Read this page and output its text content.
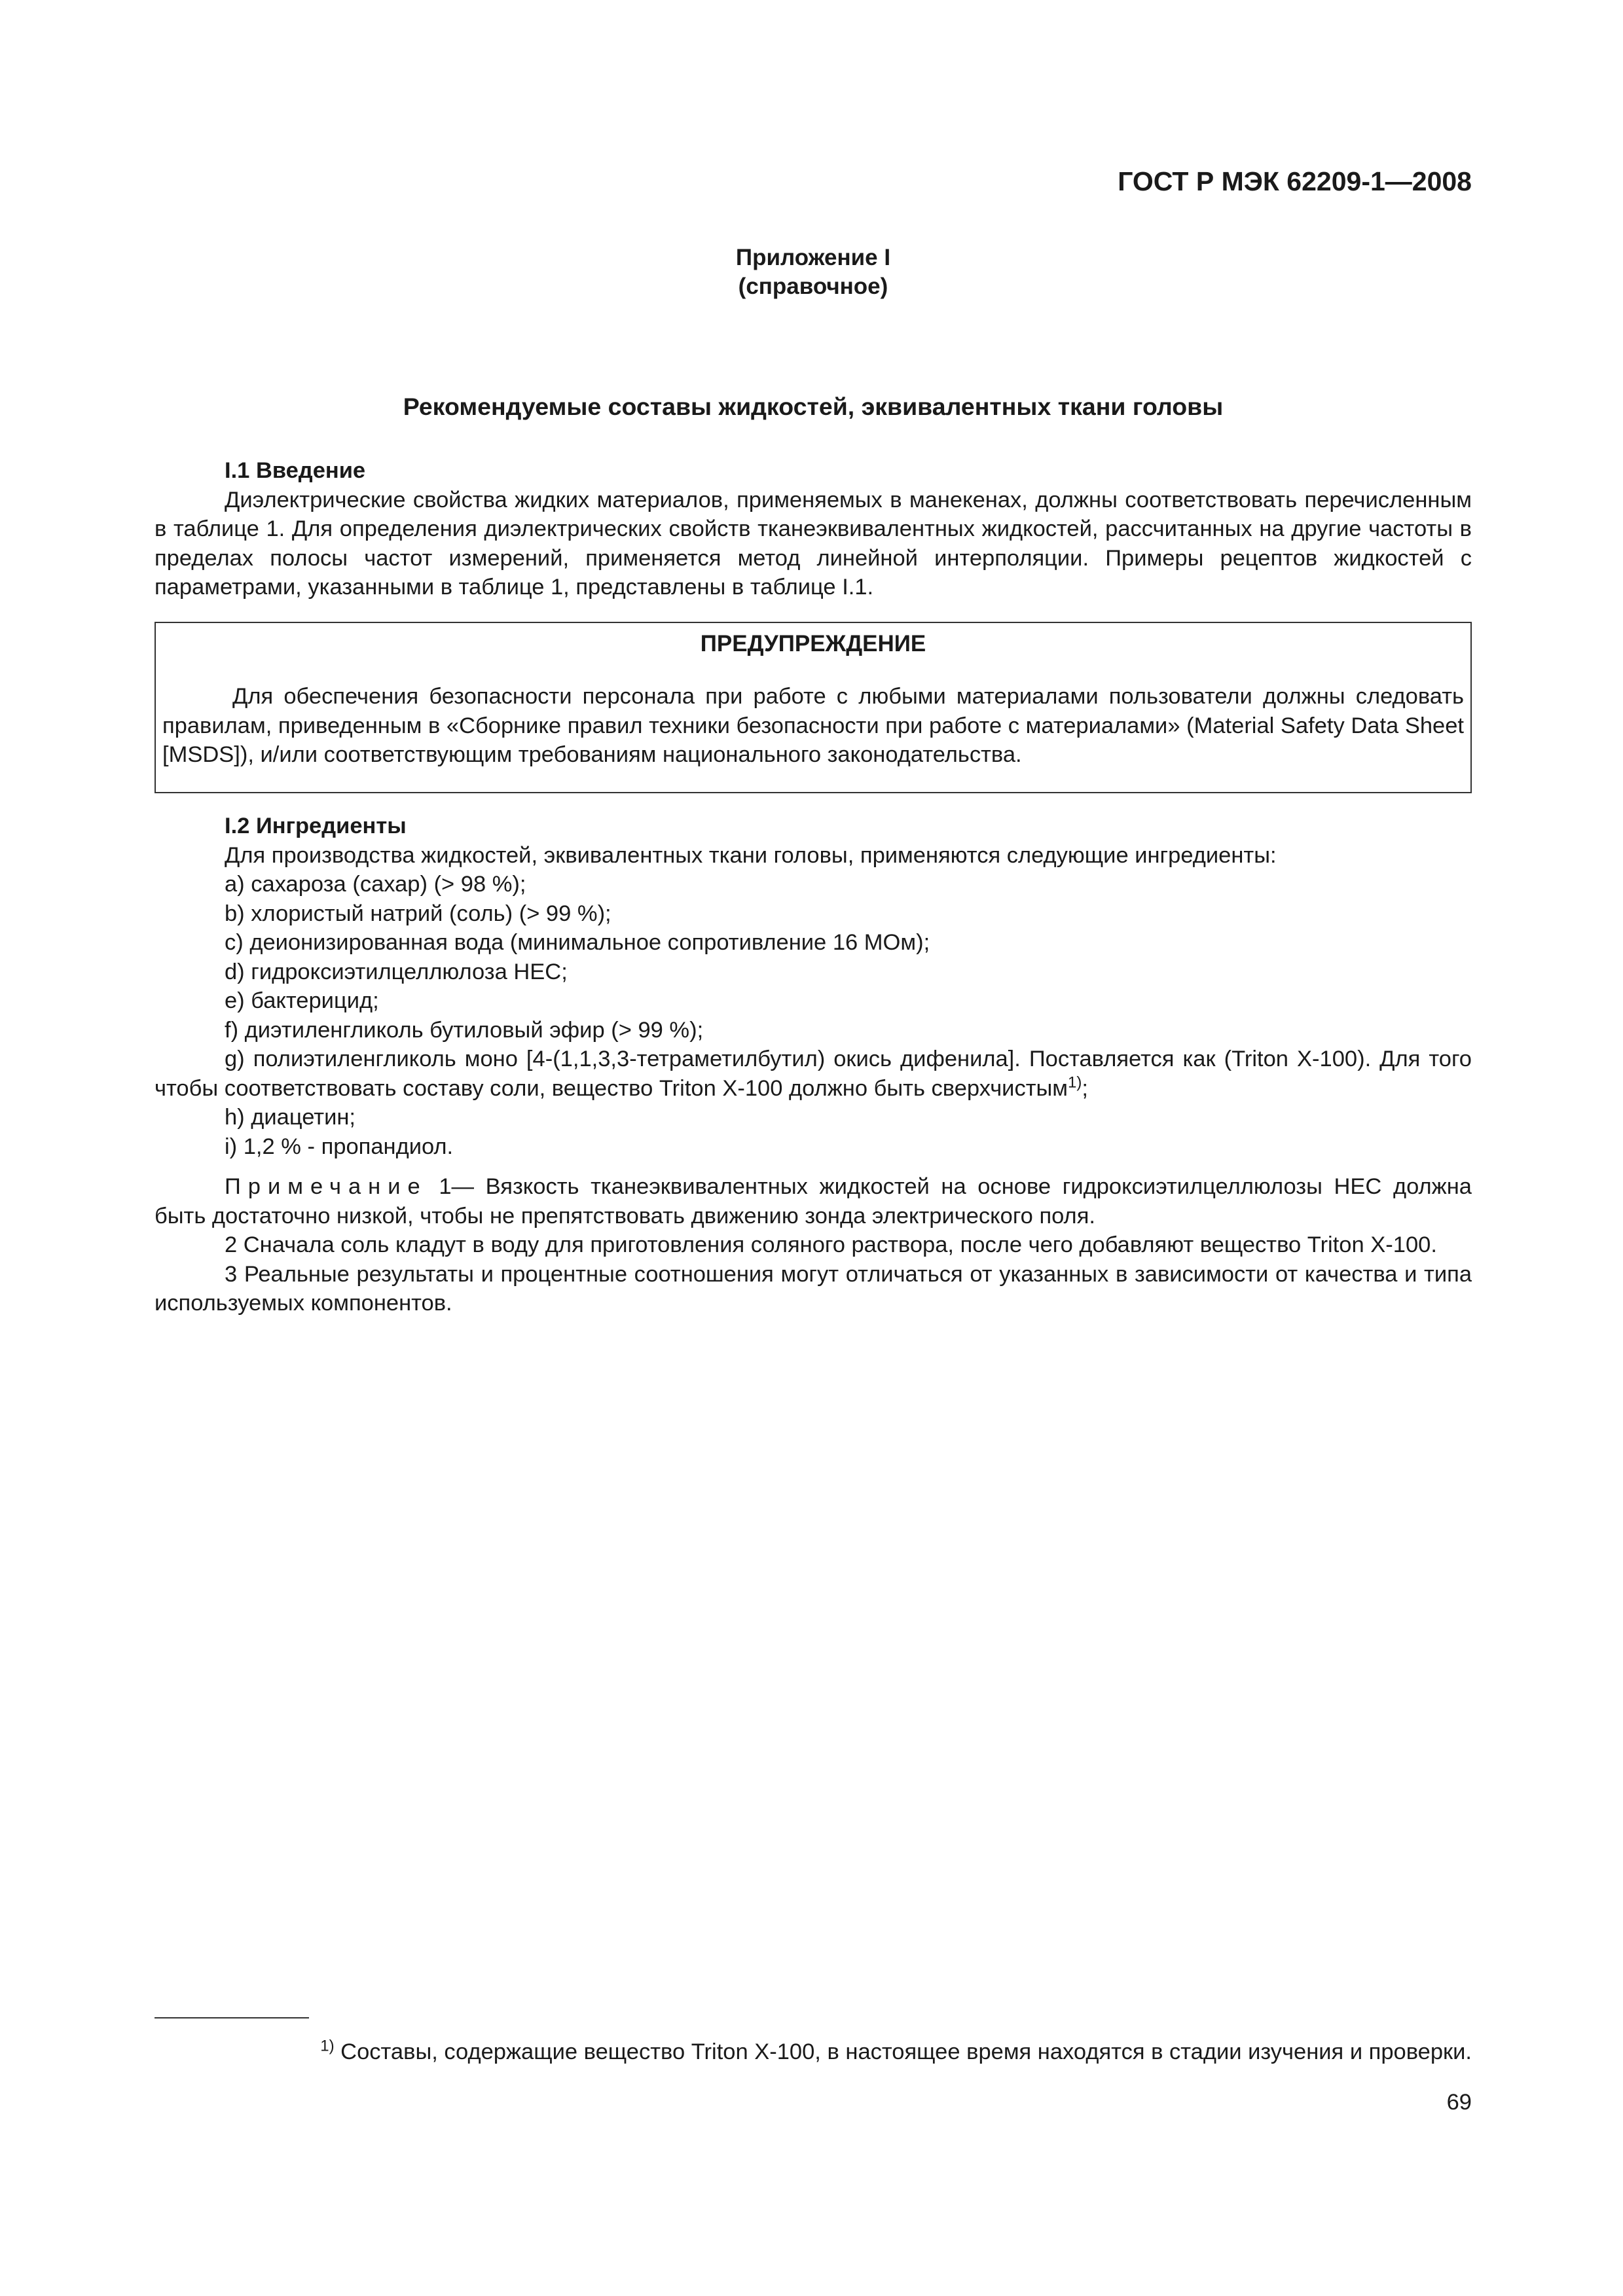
ГОСТ Р МЭК 62209-1—2008
Приложение I
(справочное)
Рекомендуемые составы жидкостей, эквивалентных ткани головы

I.1 Введение

Диэлектрические свойства жидких материалов, применяемых в манекенах, должны соответствовать перечисленным в таблице 1. Для определения диэлектрических свойств тканеэквивалентных жидкостей, рассчитанных на другие частоты в пределах полосы частот измерений, применяется метод линейной интерполяции. Примеры рецептов жидкостей с параметрами, указанными в таблице 1, представлены в таблице I.1.

ПРЕДУПРЕЖДЕНИЕ

Для обеспечения безопасности персонала при работе с любыми материалами пользователи должны следовать правилам, приведенным в «Сборнике правил техники безопасности при работе с материалами» (Material Safety Data Sheet [MSDS]), и/или соответствующим требованиям национального законодательства.

I.2 Ингредиенты

Для производства жидкостей, эквивалентных ткани головы, применяются следующие ингредиенты:

a) сахароза (сахар) (> 98 %);

b) хлористый натрий (соль) (> 99 %);

c) деионизированная вода (минимальное сопротивление 16 МОм);

d) гидроксиэтилцеллюлоза НЕС;

e) бактерицид;

f) диэтиленгликоль бутиловый эфир (> 99 %);

g) полиэтиленгликоль моно [4-(1,1,3,3-тетраметилбутил) окись дифенила]. Поставляется как (Triton X-100). Для того чтобы соответствовать составу соли, вещество Triton X-100 должно быть сверхчистым$^{1)}$;

h) диацетин;

i) 1,2 % - пропандиол.

Примечание 1— Вязкость тканеэквивалентных жидкостей на основе гидроксиэтилцеллюлозы НЕС должна быть достаточно низкой, чтобы не препятствовать движению зонда электрического поля.

2 Сначала соль кладут в воду для приготовления соляного раствора, после чего добавляют вещество Triton X-100.

3 Реальные результаты и процентные соотношения могут отличаться от указанных в зависимости от качества и типа используемых компонентов.

$^{1)}$ Составы, содержащие вещество Triton X-100, в настоящее время находятся в стадии изучения и проверки.
69
